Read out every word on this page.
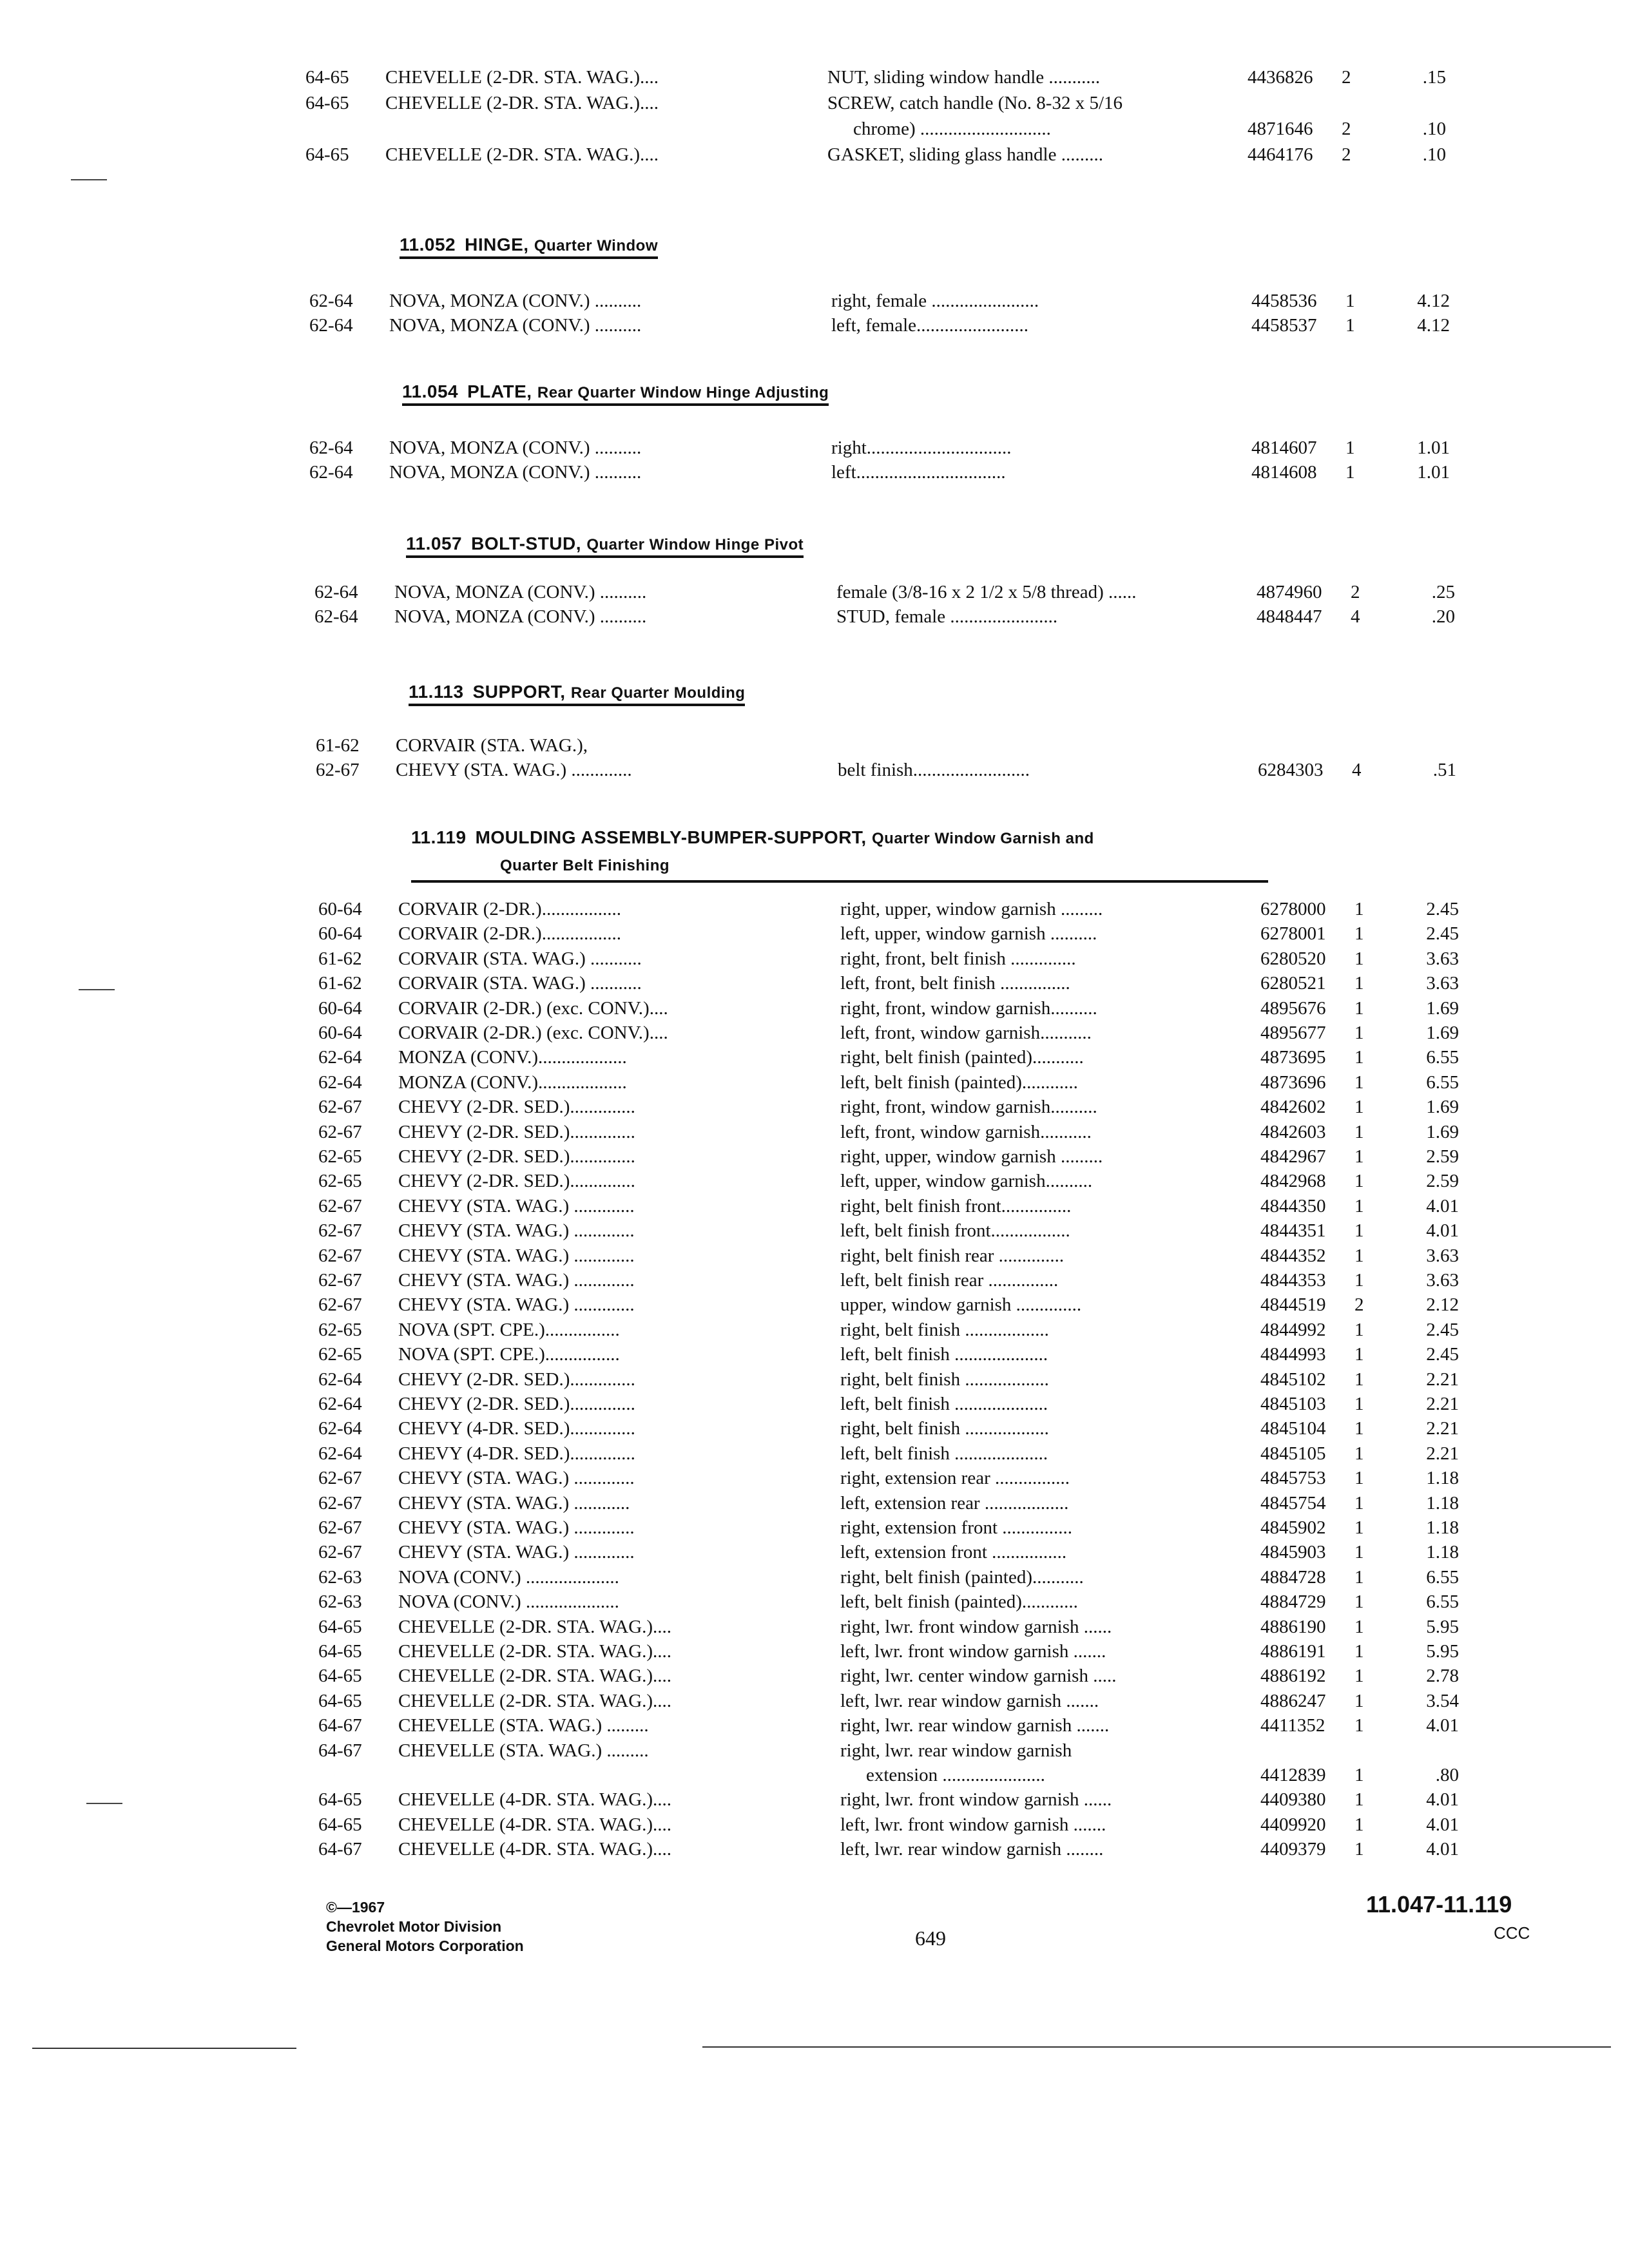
64-65 CHEVELLE (2-DR. STA. WAG.)....	NUT, sliding window handle ...........	4436826 2	.15
64-65 CHEVELLE (2-DR. STA. WAG.)....	SCREW, catch handle (No. 8-32 x 5/16
chrome) ............................	4871646 2	.10
64-65 CHEVELLE (2-DR. STA. WAG.)....	GASKET, sliding glass handle .........	4464176 2	.10
11.052 HINGE, Quarter Window
62-64 NOVA, MONZA (CONV.) ..........	right, female .......................	4458536 1	4.12
62-64 NOVA, MONZA (CONV.) ..........	left, female........................	4458537 1	4.12
11.054 PLATE, Rear Quarter Window Hinge Adjusting
62-64 NOVA, MONZA (CONV.) ..........	right...............................	4814607 1	1.01
62-64 NOVA, MONZA (CONV.) ..........	left................................	4814608 1	1.01
11.057 BOLT-STUD, Quarter Window Hinge Pivot
62-64 NOVA, MONZA (CONV.) ..........	female (3/8-16 x 2 1/2 x 5/8 thread) ......	4874960 2	.25
62-64 NOVA, MONZA (CONV.) ..........	STUD, female .......................	4848447 4	.20
11.113 SUPPORT, Rear Quarter Moulding
61-62 CORVAIR (STA. WAG.),
62-67 CHEVY (STA. WAG.) .............	belt finish.........................	6284303 4	.51
11.119 MOULDING ASSEMBLY-BUMPER-SUPPORT, Quarter Window Garnish and
Quarter Belt Finishing
60-64 CORVAIR (2-DR.).................	right, upper, window garnish .........	6278000 1	2.45
60-64 CORVAIR (2-DR.).................	left, upper, window garnish ..........	6278001 1	2.45
61-62 CORVAIR (STA. WAG.) ...........	right, front, belt finish ..............	6280520 1	3.63
61-62 CORVAIR (STA. WAG.) ...........	left, front, belt finish ...............	6280521 1	3.63
60-64 CORVAIR (2-DR.) (exc. CONV.)....	right, front, window garnish..........	4895676 1	1.69
60-64 CORVAIR (2-DR.) (exc. CONV.)....	left, front, window garnish...........	4895677 1	1.69
62-64 MONZA (CONV.)...................	right, belt finish (painted)...........	4873695 1	6.55
62-64 MONZA (CONV.)...................	left, belt finish (painted)............	4873696 1	6.55
62-67 CHEVY (2-DR. SED.)..............	right, front, window garnish..........	4842602 1	1.69
62-67 CHEVY (2-DR. SED.)..............	left, front, window garnish...........	4842603 1	1.69
62-65 CHEVY (2-DR. SED.)..............	right, upper, window garnish .........	4842967 1	2.59
62-65 CHEVY (2-DR. SED.)..............	left, upper, window garnish..........	4842968 1	2.59
62-67 CHEVY (STA. WAG.) .............	right, belt finish front...............	4844350 1	4.01
62-67 CHEVY (STA. WAG.) .............	left, belt finish front.................	4844351 1	4.01
62-67 CHEVY (STA. WAG.) .............	right, belt finish rear ..............	4844352 1	3.63
62-67 CHEVY (STA. WAG.) .............	left, belt finish rear ...............	4844353 1	3.63
62-67 CHEVY (STA. WAG.) .............	upper, window garnish ..............	4844519 2	2.12
62-65 NOVA (SPT. CPE.)................	right, belt finish ..................	4844992 1	2.45
62-65 NOVA (SPT. CPE.)................	left, belt finish ....................	4844993 1	2.45
62-64 CHEVY (2-DR. SED.)..............	right, belt finish ..................	4845102 1	2.21
62-64 CHEVY (2-DR. SED.)..............	left, belt finish ....................	4845103 1	2.21
62-64 CHEVY (4-DR. SED.)..............	right, belt finish ..................	4845104 1	2.21
62-64 CHEVY (4-DR. SED.)..............	left, belt finish ....................	4845105 1	2.21
62-67 CHEVY (STA. WAG.) .............	right, extension rear ................	4845753 1	1.18
62-67 CHEVY (STA. WAG.) ............	left, extension rear ..................	4845754 1	1.18
62-67 CHEVY (STA. WAG.) .............	right, extension front ...............	4845902 1	1.18
62-67 CHEVY (STA. WAG.) .............	left, extension front ................	4845903 1	1.18
62-63 NOVA (CONV.) ....................	right, belt finish (painted)...........	4884728 1	6.55
62-63 NOVA (CONV.) ....................	left, belt finish (painted)............	4884729 1	6.55
64-65 CHEVELLE (2-DR. STA. WAG.)....	right, lwr. front window garnish ......	4886190 1	5.95
64-65 CHEVELLE (2-DR. STA. WAG.)....	left, lwr. front window garnish .......	4886191 1	5.95
64-65 CHEVELLE (2-DR. STA. WAG.)....	right, lwr. center window garnish .....	4886192 1	2.78
64-65 CHEVELLE (2-DR. STA. WAG.)....	left, lwr. rear window garnish .......	4886247 1	3.54
64-67 CHEVELLE (STA. WAG.) .........	right, lwr. rear window garnish .......	4411352 1	4.01
64-67 CHEVELLE (STA. WAG.) .........	right, lwr. rear window garnish
extension ......................	4412839 1	.80
64-65 CHEVELLE (4-DR. STA. WAG.)....	right, lwr. front window garnish ......	4409380 1	4.01
64-65 CHEVELLE (4-DR. STA. WAG.)....	left, lwr. front window garnish .......	4409920 1	4.01
64-67 CHEVELLE (4-DR. STA. WAG.)....	left, lwr. rear window garnish ........	4409379 1	4.01
©—1967
Chevrolet Motor Division
General Motors Corporation	649
11.047-11.119
CCC
